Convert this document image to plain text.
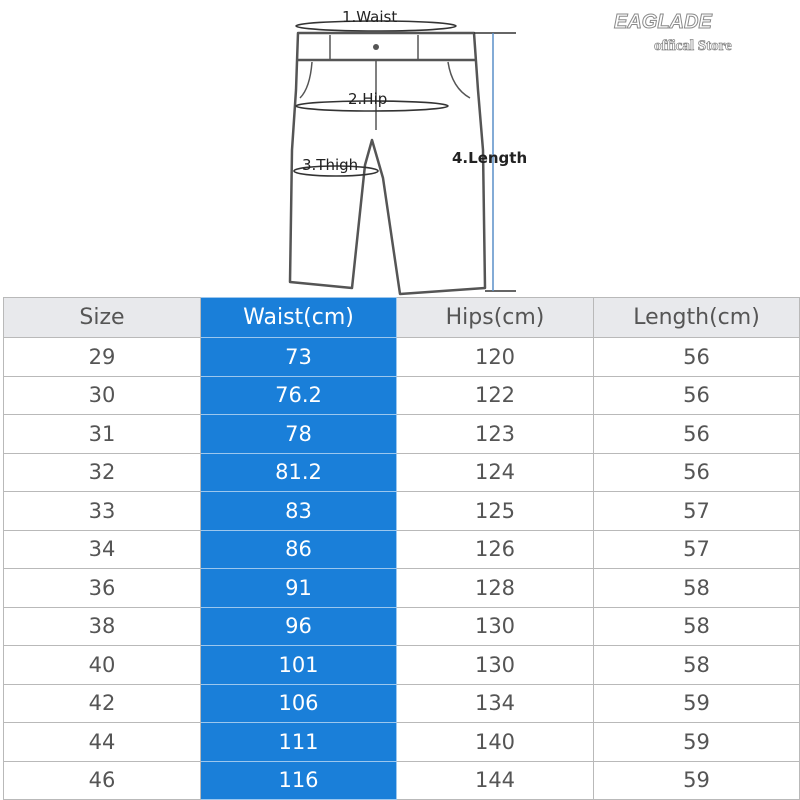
1.Waist
2.Hip
3.Thigh	4.Length
EAGLADE
offical Store
Size	Waist(cm)	Hips(cm)	Length(cm)
29	73	120	56
30	76.2	122	56
31	78	123	56
32	81.2	124	56
33	83	125	57
34	86	126	57
36	91	128	58
38	96	130	58
40	101	130	58
42	106	134	59
44	111	140	59
46	116	144	59
